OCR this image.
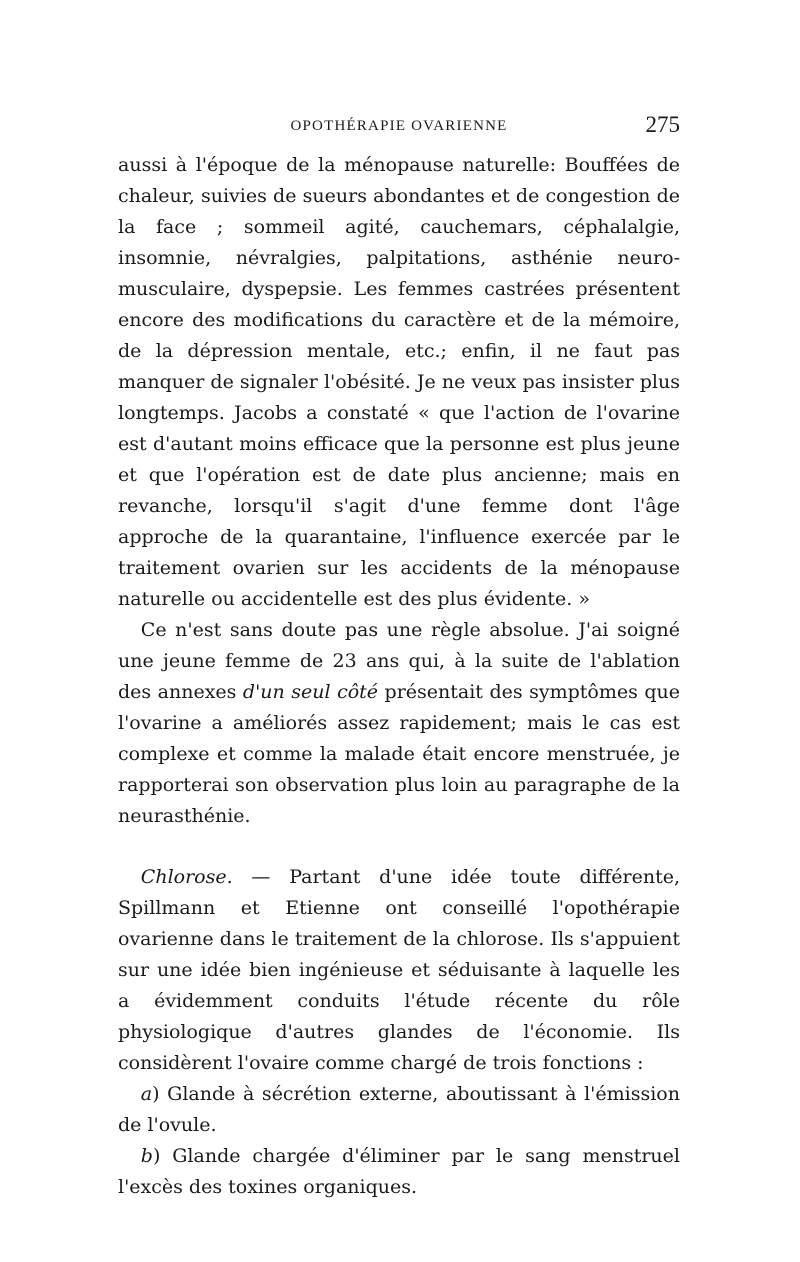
OPOTHÉRAPIE OVARIENNE	275

aussi à l'époque de la ménopause naturelle: Bouffées de chaleur, suivies de sueurs abondantes et de congestion de la face ; sommeil agité, cauchemars, céphalalgie, insomnie, névralgies, palpitations, asthénie neuro-musculaire, dyspepsie. Les femmes castrées présentent encore des modifications du caractère et de la mémoire, de la dépression mentale, etc.; enfin, il ne faut pas manquer de signaler l'obésité. Je ne veux pas insister plus longtemps. Jacobs a constaté « que l'action de l'ovarine est d'autant moins efficace que la personne est plus jeune et que l'opération est de date plus ancienne; mais en revanche, lorsqu'il s'agit d'une femme dont l'âge approche de la quarantaine, l'influence exercée par le traitement ovarien sur les accidents de la ménopause naturelle ou accidentelle est des plus évidente. »

Ce n'est sans doute pas une règle absolue. J'ai soigné une jeune femme de 23 ans qui, à la suite de l'ablation des annexes d'un seul côté présentait des symptômes que l'ovarine a améliorés assez rapidement; mais le cas est complexe et comme la malade était encore menstruée, je rapporterai son observation plus loin au paragraphe de la neurasthénie.

Chlorose. — Partant d'une idée toute différente, Spillmann et Etienne ont conseillé l'opothérapie ovarienne dans le traitement de la chlorose. Ils s'appuient sur une idée bien ingénieuse et séduisante à laquelle les a évidemment conduits l'étude récente du rôle physiologique d'autres glandes de l'économie. Ils considèrent l'ovaire comme chargé de trois fonctions :

a) Glande à sécrétion externe, aboutissant à l'émission de l'ovule.

b) Glande chargée d'éliminer par le sang menstruel l'excès des toxines organiques.
